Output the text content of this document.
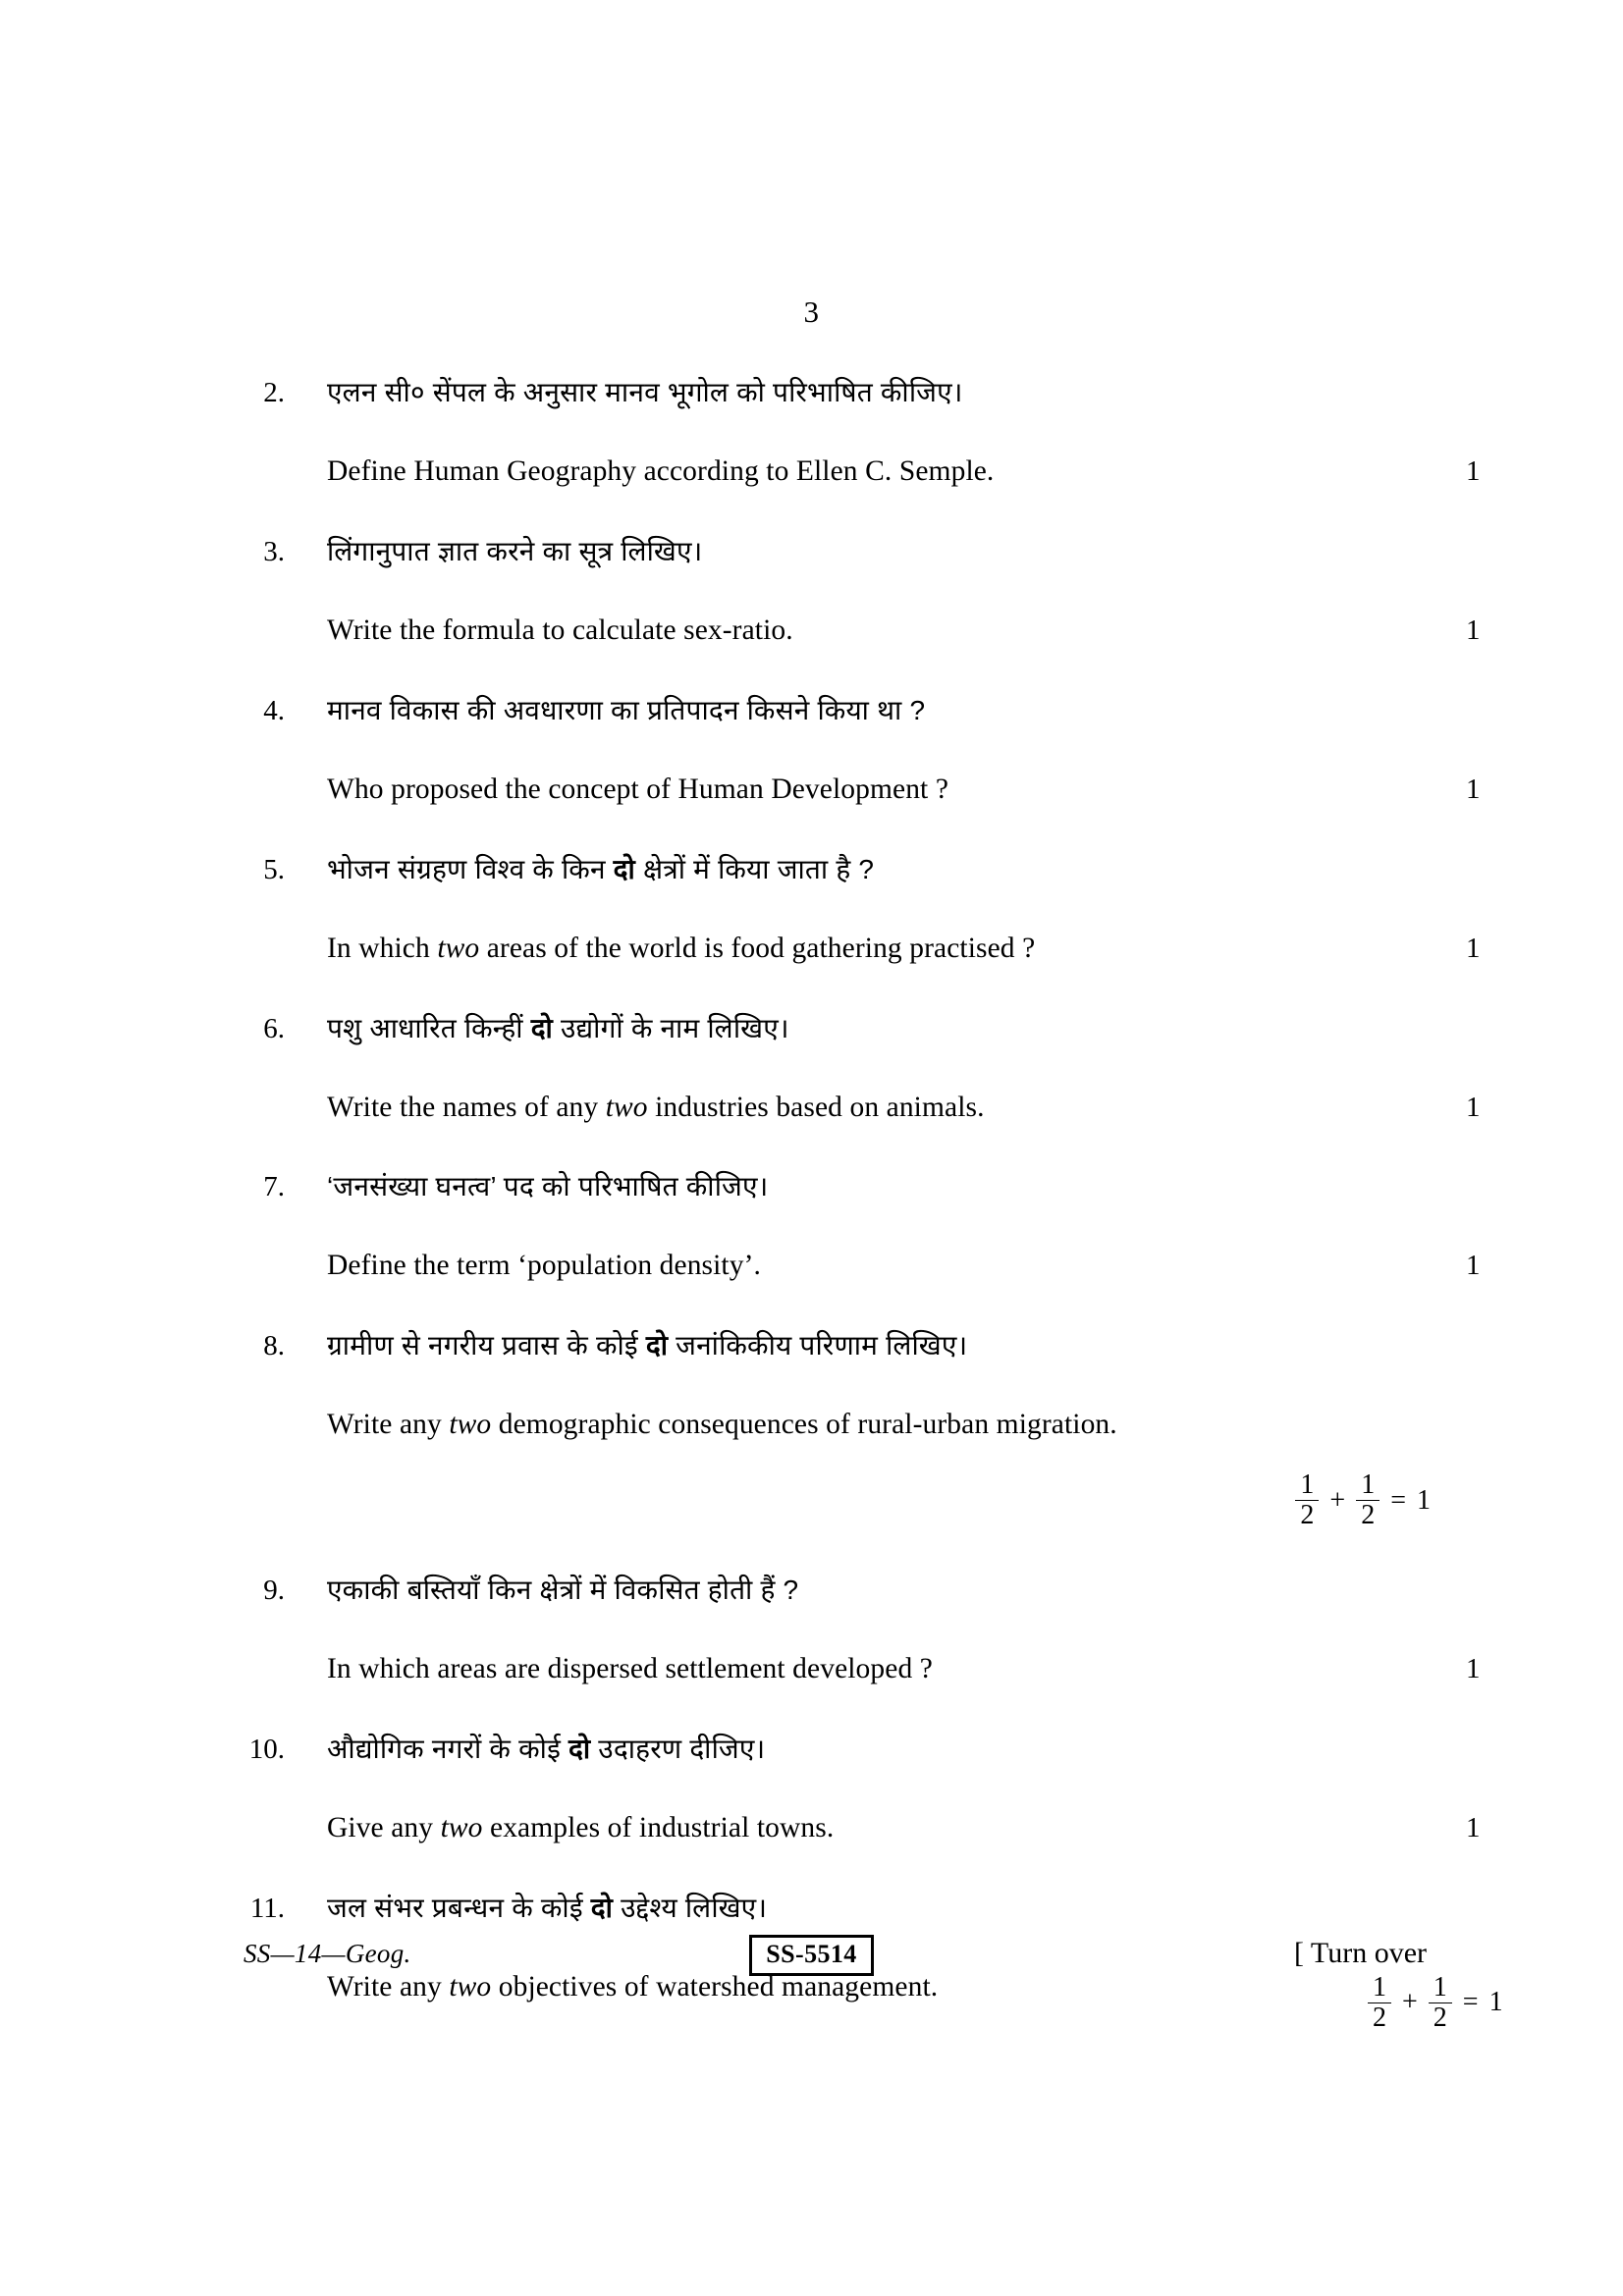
3
2. एलन सी० सेंपल के अनुसार मानव भूगोल को परिभाषित कीजिए।
Define Human Geography according to Ellen C. Semple.	1
3. लिंगानुपात ज्ञात करने का सूत्र लिखिए।
Write the formula to calculate sex-ratio.	1
4. मानव विकास की अवधारणा का प्रतिपादन किसने किया था ?
Who proposed the concept of Human Development ?	1
5. भोजन संग्रहण विश्व के किन दो क्षेत्रों में किया जाता है ?
In which two areas of the world is food gathering practised ?	1
6. पशु आधारित किन्हीं दो उद्योगों के नाम लिखिए।
Write the names of any two industries based on animals.	1
7. ‘जनसंख्या घनत्व’ पद को परिभाषित कीजिए।
Define the term ‘population density’.	1
8. ग्रामीण से नगरीय प्रवास के कोई दो जनांकिकीय परिणाम लिखिए।
Write any two demographic consequences of rural-urban migration.
$\frac{1}{2} + \frac{1}{2} = 1$
9. एकाकी बस्तियाँ किन क्षेत्रों में विकसित होती हैं ?
In which areas are dispersed settlement developed ?	1
10. औद्योगिक नगरों के कोई दो उदाहरण दीजिए।
Give any two examples of industrial towns.	1
11. जल संभर प्रबन्धन के कोई दो उद्देश्य लिखिए।
Write any two objectives of watershed management.	$\frac{1}{2} + \frac{1}{2} = 1$
SS—14—Geog.	SS-5514	[ Turn over
